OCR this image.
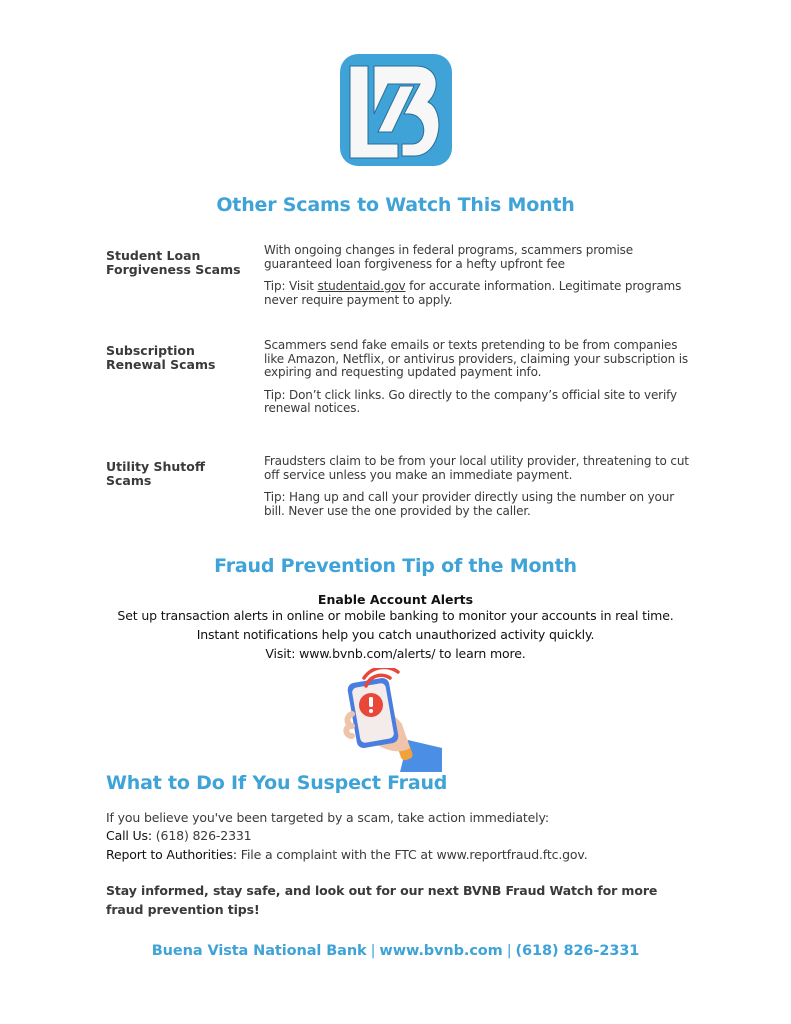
Other Scams to Watch This Month
Student Loan
Forgiveness Scams

With ongoing changes in federal programs, scammers promise guaranteed loan forgiveness for a hefty upfront fee

Tip: Visit studentaid.gov for accurate information. Legitimate programs never require payment to apply.

Subscription
Renewal Scams

Scammers send fake emails or texts pretending to be from companies like Amazon, Netflix, or antivirus providers, claiming your subscription is expiring and requesting updated payment info.

Tip: Don’t click links. Go directly to the company’s official site to verify renewal notices.

Utility Shutoff
Scams

Fraudsters claim to be from your local utility provider, threatening to cut off service unless you make an immediate payment.

Tip: Hang up and call your provider directly using the number on your bill. Never use the one provided by the caller.

Fraud Prevention Tip of the Month
Enable Account Alerts
Set up transaction alerts in online or mobile banking to monitor your accounts in real time.
Instant notifications help you catch unauthorized activity quickly.
Visit: www.bvnb.com/alerts/ to learn more.
What to Do If You Suspect Fraud
If you believe you've been targeted by a scam, take action immediately:
Call Us: (618) 826-2331
Report to Authorities: File a complaint with the FTC at www.reportfraud.ftc.gov.
Stay informed, stay safe, and look out for our next BVNB Fraud Watch for more fraud prevention tips!
Buena Vista National Bank | www.bvnb.com | (618) 826-2331
